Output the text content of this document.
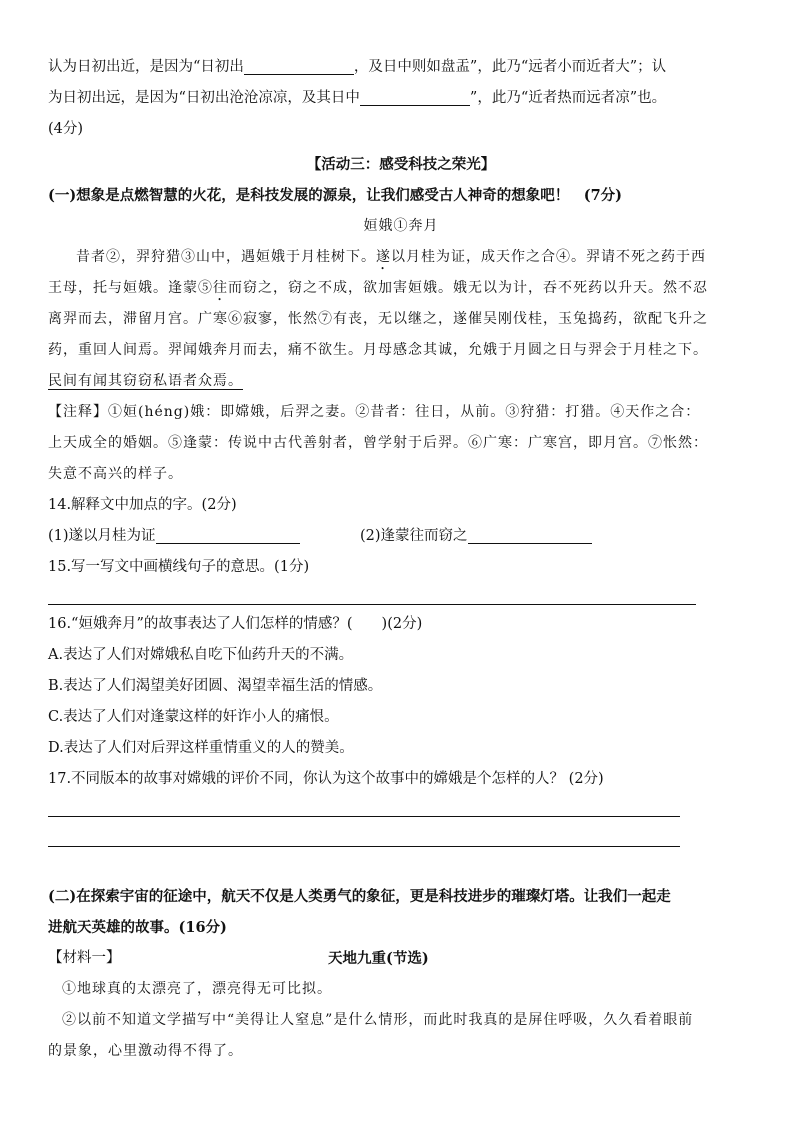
认为日初出近，是因为“日初出	，及日中则如盘盂”，此乃“远者小而近者大”；认
为日初出远，是因为“日初出沧沧凉凉，及其日中	”，此乃“近者热而远者凉”也。
(4分)
【活动三：感受科技之荣光】
(一)想象是点燃智慧的火花，是科技发展的源泉，让我们感受古人神奇的想象吧！　(7分)
姮娥①奔月
昔者②，羿狩猎③山中，遇姮娥于月桂树下。遂以月桂为证，成天作之合④。羿请不死之药于西
王母，托与姮娥。逢蒙⑤往而窃之，窃之不成，欲加害姮娥。娥无以为计，吞不死药以升天。然不忍
离羿而去，滞留月宫。广寒⑥寂寥，怅然⑦有丧，无以继之，遂催吴刚伐桂，玉兔捣药，欲配飞升之
药，重回人间焉。羿闻娥奔月而去，痛不欲生。月母感念其诚，允娥于月圆之日与羿会于月桂之下。
民间有闻其窃窃私语者众焉。
【注释】①姮(héng)娥：即嫦娥，后羿之妻。②昔者：往日，从前。③狩猎：打猎。④天作之合：
上天成全的婚姻。⑤逢蒙：传说中古代善射者，曾学射于后羿。⑥广寒：广寒宫，即月宫。⑦怅然：
失意不高兴的样子。
14.解释文中加点的字。(2分)
(1)遂以月桂为证	(2)逢蒙往而窃之
15.写一写文中画横线句子的意思。(1分)
16.“姮娥奔月”的故事表达了人们怎样的情感？(　　)(2分)
A.表达了人们对嫦娥私自吃下仙药升天的不满。
B.表达了人们渴望美好团圆、渴望幸福生活的情感。
C.表达了人们对逢蒙这样的奸诈小人的痛恨。
D.表达了人们对后羿这样重情重义的人的赞美。
17.不同版本的故事对嫦娥的评价不同，你认为这个故事中的嫦娥是个怎样的人？ (2分)
(二)在探索宇宙的征途中，航天不仅是人类勇气的象征，更是科技进步的璀璨灯塔。让我们一起走
进航天英雄的故事。(16分)
【材料一】	天地九重(节选)
①地球真的太漂亮了，漂亮得无可比拟。
②以前不知道文学描写中“美得让人窒息”是什么情形，而此时我真的是屏住呼吸，久久看着眼前
的景象，心里激动得不得了。
